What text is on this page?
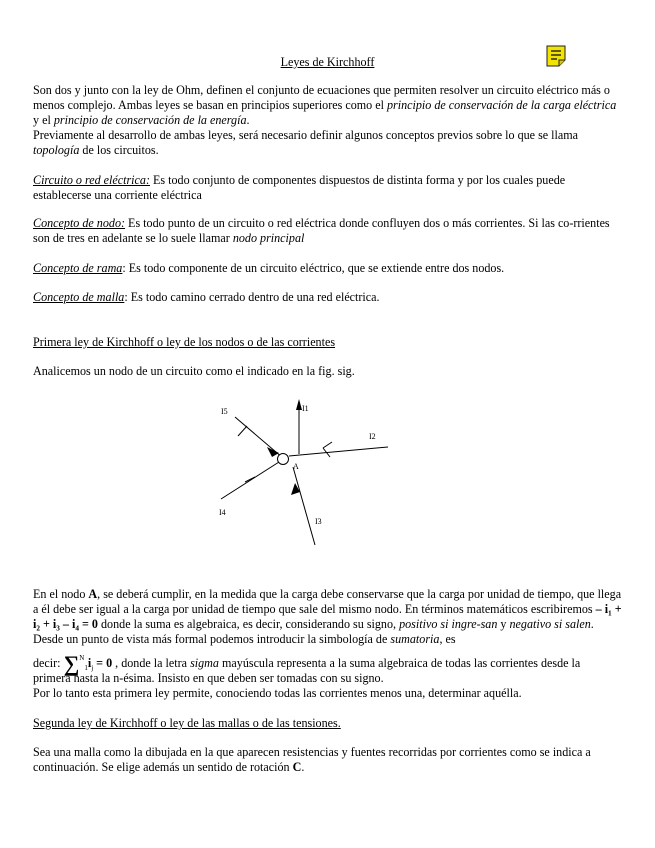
Leyes de Kirchhoff

Son dos y junto con la ley de Ohm, definen el conjunto de ecuaciones que permiten resolver un circuito eléctrico más o menos complejo. Ambas leyes se basan en principios superiores como el principio de conservación de la carga eléctrica y el principio de conservación de la energía.
Previamente al desarrollo de ambas leyes, será necesario definir algunos conceptos previos sobre lo que se llama topología de los circuitos.

Circuito o red eléctrica: Es todo conjunto de componentes dispuestos de distinta forma y por los cuales puede establecerse una corriente eléctrica

Concepto de nodo: Es todo punto de un circuito o red eléctrica donde confluyen dos o más corrientes. Si las co-rrientes son de tres en adelante se lo suele llamar nodo principal

Concepto de rama: Es todo componente de un circuito eléctrico, que se extiende entre dos nodos.

Concepto de malla: Es todo camino cerrado dentro de una red eléctrica.

Primera ley de Kirchhoff o ley de los nodos o de las corrientes

Analicemos un nodo de un circuito como el indicado en la fig. sig.

I5	I1
I2
A
I4
I3

En el nodo A, se deberá cumplir, en la medida que la carga debe conservarse que la carga por unidad de tiempo, que llega a él debe ser igual a la carga por unidad de tiempo que sale del mismo nodo. En términos matemáticos escribiremos – i₁ + i₂ + i₃ – i₄ = 0 donde la suma es algebraica, es decir, considerando su signo, positivo si ingre-san y negativo si salen. Desde un punto de vista más formal podemos introducir la simbología de sumatoria, es

decir: $\sum^N_1i_j = 0$ , donde la letra sigma mayúscula representa a la suma algebraica de todas las corrientes desde la

primera hasta la n-ésima. Insisto en que deben ser tomadas con su signo.
Por lo tanto esta primera ley permite, conociendo todas las corrientes menos una, determinar aquélla.

Segunda ley de Kirchhoff o ley de las mallas o de las tensiones.

Sea una malla como la dibujada en la que aparecen resistencias y fuentes recorridas por corrientes como se indica a continuación. Se elige además un sentido de rotación C.
